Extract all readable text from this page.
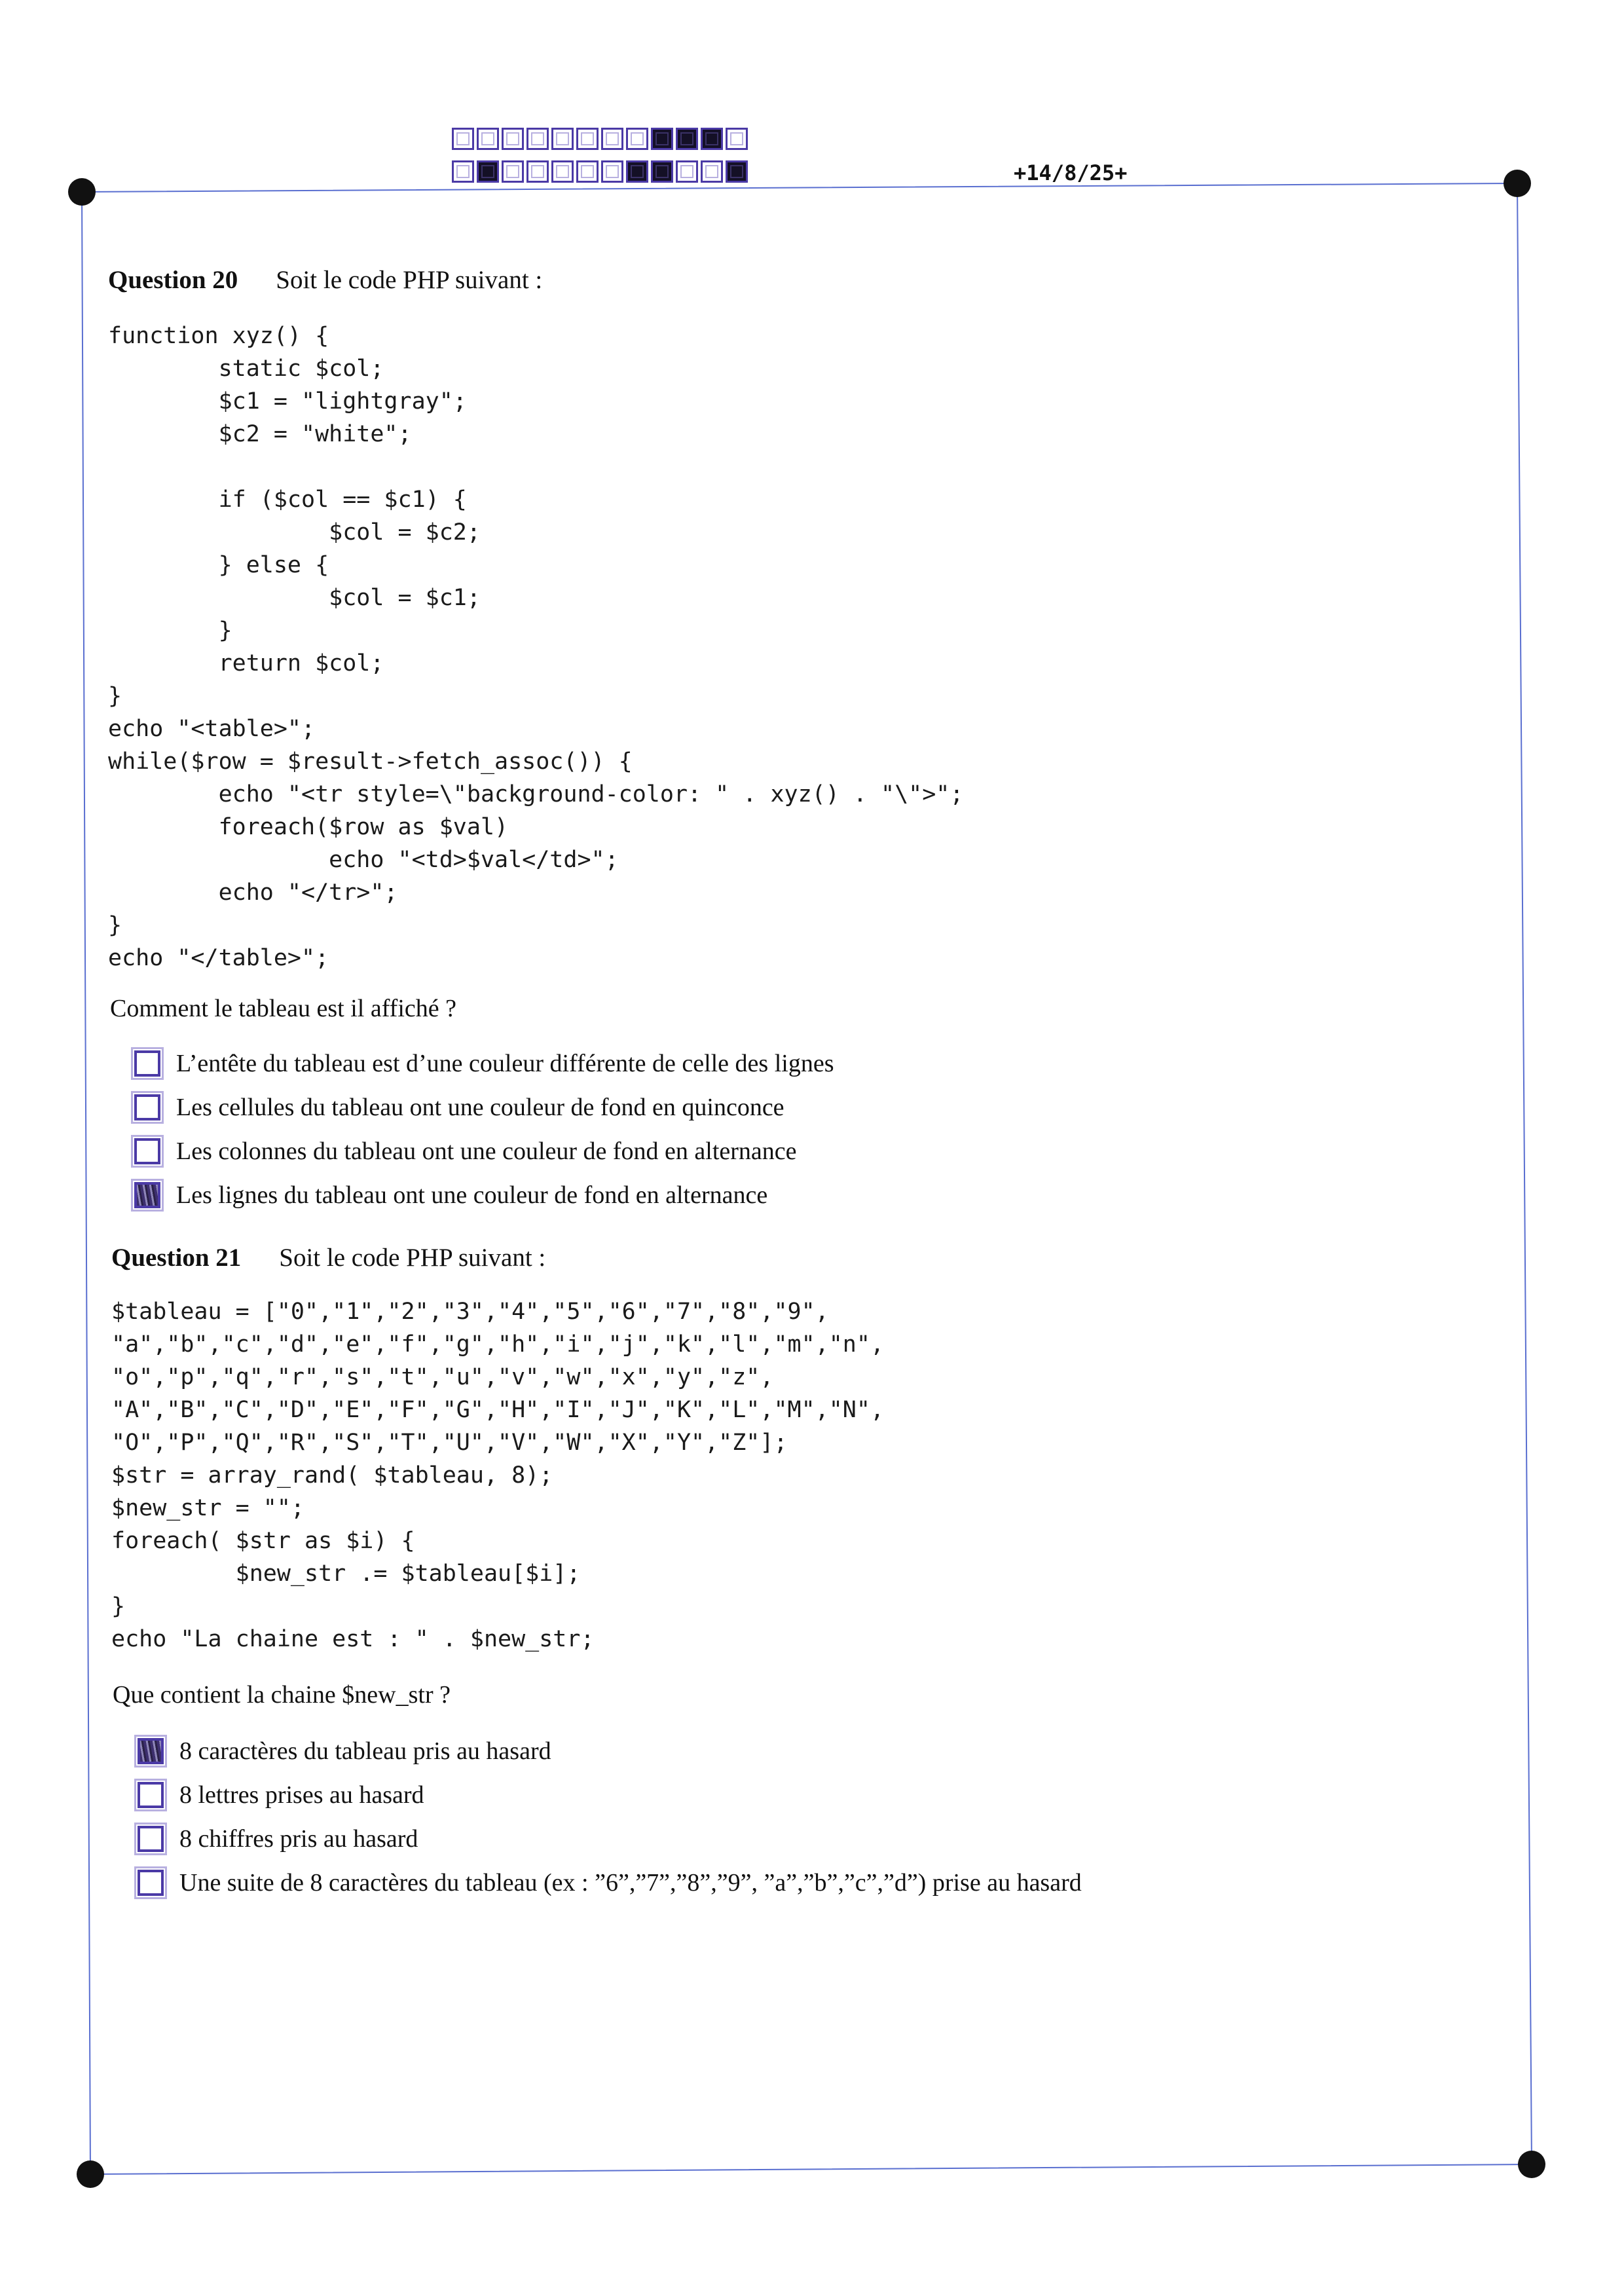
+14/8/25+
Question 20 Soit le code PHP suivant :
function xyz() {
static $col;
$c1 = "lightgray";
$c2 = "white";

if ($col == $c1) {
$col = $c2;
} else {
$col = $c1;
}
return $col;
}
echo "<table>";
while($row = $result->fetch_assoc()) {
echo "<tr style=\"background-color: " . xyz() . "\">";
foreach($row as $val)
echo "<td>$val</td>";
echo "</tr>";
}
echo "</table>";
Comment le tableau est il affiché ?
L’entête du tableau est d’une couleur différente de celle des lignes
Les cellules du tableau ont une couleur de fond en quinconce
Les colonnes du tableau ont une couleur de fond en alternance
Les lignes du tableau ont une couleur de fond en alternance
Question 21 Soit le code PHP suivant :
$tableau = ["0","1","2","3","4","5","6","7","8","9",
"a","b","c","d","e","f","g","h","i","j","k","l","m","n",
"o","p","q","r","s","t","u","v","w","x","y","z",
"A","B","C","D","E","F","G","H","I","J","K","L","M","N",
"O","P","Q","R","S","T","U","V","W","X","Y","Z"];
$str = array_rand( $tableau, 8);
$new_str = "";
foreach( $str as $i) {
$new_str .= $tableau[$i];
}
echo "La chaine est : " . $new_str;
Que contient la chaine $new_str ?
8 caractères du tableau pris au hasard
8 lettres prises au hasard
8 chiffres pris au hasard
Une suite de 8 caractères du tableau (ex : ”6”,”7”,”8”,”9”, ”a”,”b”,”c”,”d”) prise au hasard
